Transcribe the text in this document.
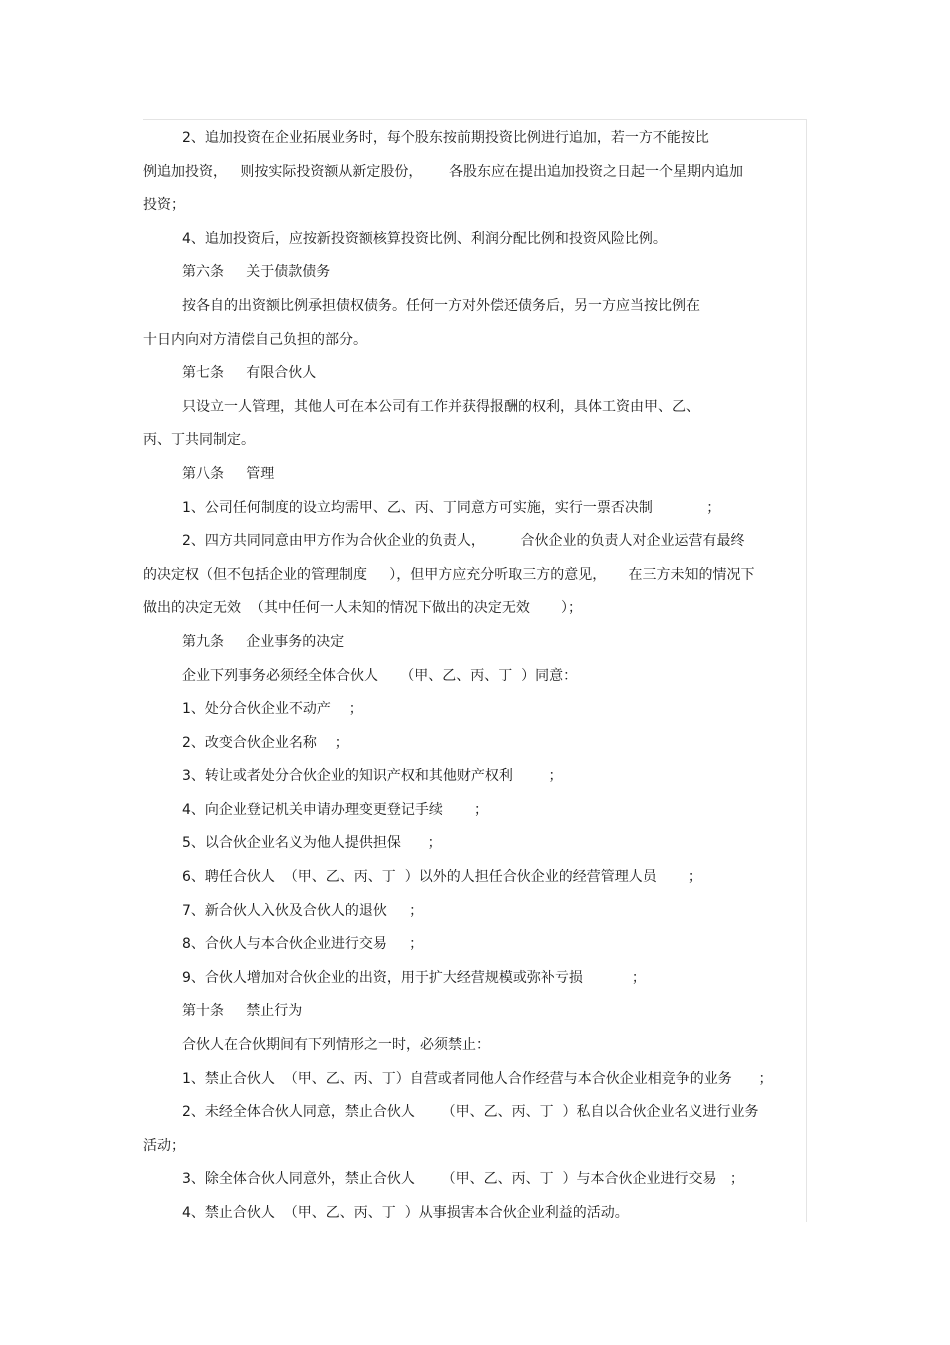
2、追加投资在企业拓展业务时，每个股东按前期投资比例进行追加，若一方不能按比
例追加投资，   则按实际投资额从新定股份，      各股东应在提出追加投资之日起一个星期内追加
投资；
4、追加投资后，应按新投资额核算投资比例、利润分配比例和投资风险比例。
第六条     关于债款债务
按各自的出资额比例承担债权债务。任何一方对外偿还债务后，另一方应当按比例在
十日内向对方清偿自己负担的部分。
第七条     有限合伙人
只设立一人管理，其他人可在本公司有工作并获得报酬的权利，具体工资由甲、乙、
丙、丁共同制定。
第八条     管理
1、公司任何制度的设立均需甲、乙、丙、丁同意方可实施，实行一票否决制            ；
2、四方共同同意由甲方作为合伙企业的负责人，        合伙企业的负责人对企业运营有最终
的决定权（但不包括企业的管理制度     ），但甲方应充分听取三方的意见，     在三方未知的情况下
做出的决定无效  （其中任何一人未知的情况下做出的决定无效       ）；
第九条     企业事务的决定
企业下列事务必须经全体合伙人     （甲、乙、丙、丁  ）同意：
1、处分合伙企业不动产    ；
2、改变合伙企业名称    ；
3、转让或者处分合伙企业的知识产权和其他财产权利        ；
4、向企业登记机关申请办理变更登记手续       ；
5、以合伙企业名义为他人提供担保      ；
6、聘任合伙人  （甲、乙、丙、丁  ）以外的人担任合伙企业的经营管理人员       ；
7、新合伙人入伙及合伙人的退伙     ；
8、合伙人与本合伙企业进行交易     ；
9、合伙人增加对合伙企业的出资，用于扩大经营规模或弥补亏损           ；
第十条     禁止行为
合伙人在合伙期间有下列情形之一时，必须禁止：
1、禁止合伙人  （甲、乙、丙、丁）自营或者同他人合作经营与本合伙企业相竞争的业务      ；
2、未经全体合伙人同意，禁止合伙人      （甲、乙、丙、丁  ）私自以合伙企业名义进行业务
活动；
3、除全体合伙人同意外，禁止合伙人      （甲、乙、丙、丁  ）与本合伙企业进行交易   ；
4、禁止合伙人  （甲、乙、丙、丁  ）从事损害本合伙企业利益的活动。
